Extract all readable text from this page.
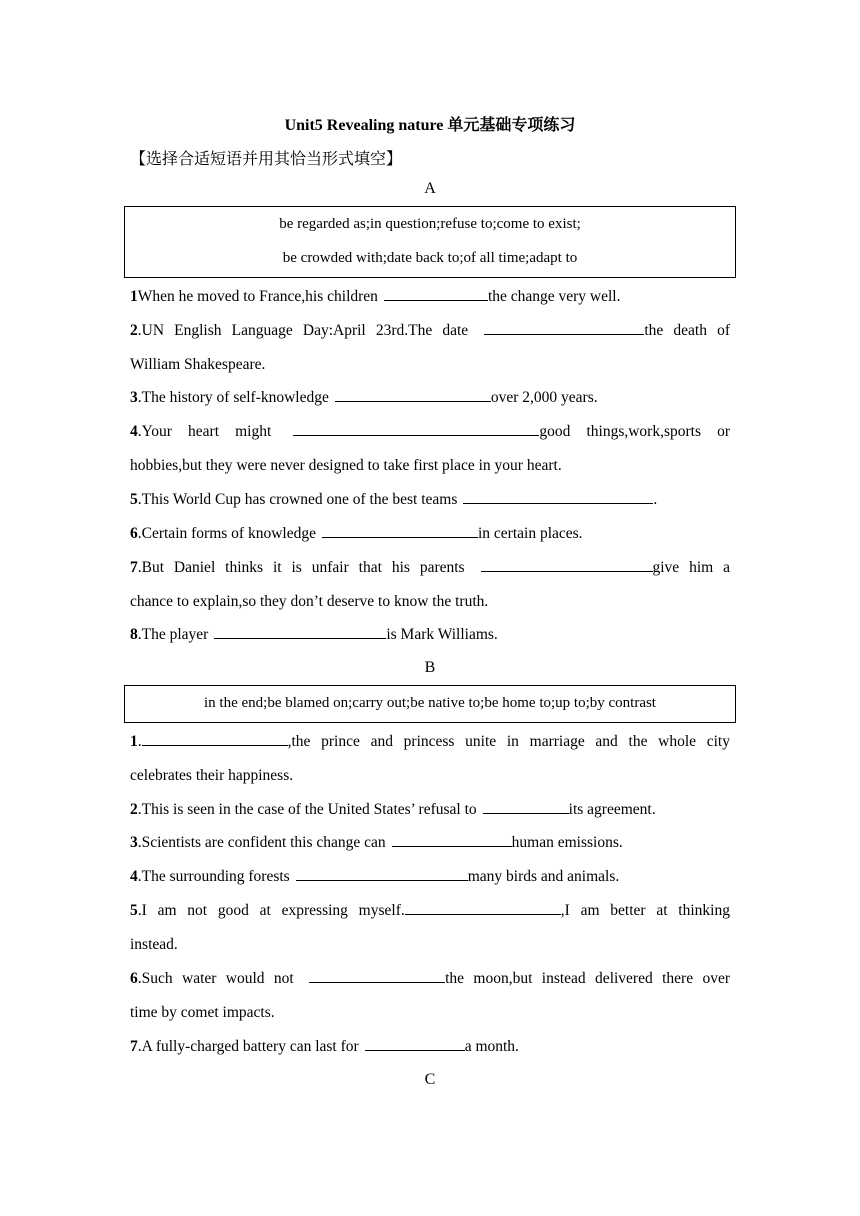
Unit5 Revealing nature 单元基础专项练习
【选择合适短语并用其恰当形式填空】
A
be regarded as;in question;refuse to;come to exist;
be crowded with;date back to;of all time;adapt to
1When he moved to France,his children	the change very well.
2.UN English Language Day:April 23rd.The date	the death of
William Shakespeare.
3.The history of self-knowledge	over 2,000 years.
4.Your heart might	good things,work,sports or
hobbies,but they were never designed to take first place in your heart.
5.This World Cup has crowned one of the best teams	.
6.Certain forms of knowledge	in certain places.
7.But Daniel thinks it is unfair that his parents	give him a
chance to explain,so they don’t deserve to know the truth.
8.The player	is Mark Williams.
B
in the end;be blamed on;carry out;be native to;be home to;up to;by contrast
1.	,the prince and princess unite in marriage and the whole city
celebrates their happiness.
2.This is seen in the case of the United States’ refusal to	its agreement.
3.Scientists are confident this change can	human emissions.
4.The surrounding forests	many birds and animals.
5.I am not good at expressing myself.	,I am better at thinking
instead.
6.Such water would not	the moon,but instead delivered there over
time by comet impacts.
7.A fully-charged battery can last for	a month.
C
